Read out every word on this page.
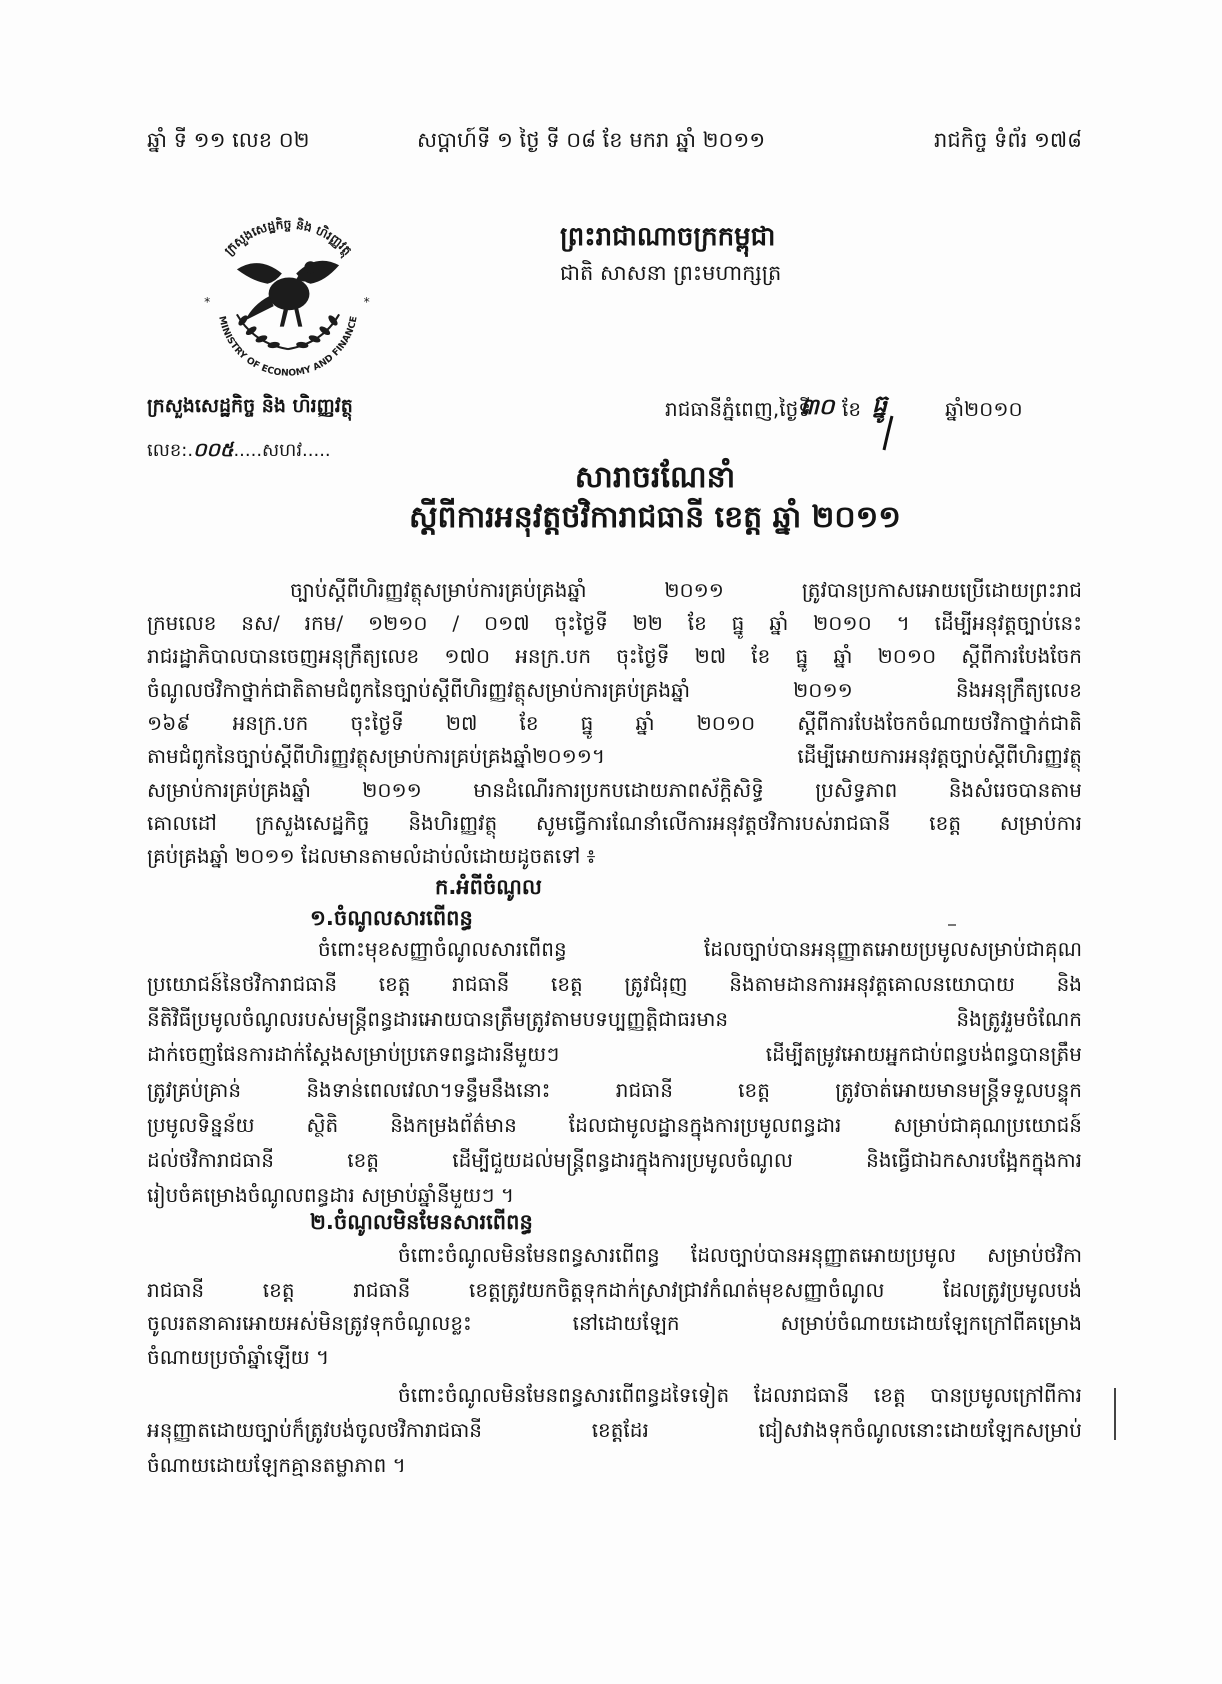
ឆ្នាំ ទី ១១ លេខ ០២	សប្តាហ៍ទី ១ ថ្ងៃ ទី ០៨ ខែ មករា ឆ្នាំ ២០១១	រាជកិច្ច ទំព័រ ១៧៨
ព្រះរាជាណាចក្រកម្ពុជា
ជាតិ សាសនា ព្រះមហាក្សត្រ
ក្រសួងសេដ្ឋកិច្ច និង ហិរញ្ញវត្ថុ
MINISTRY OF ECONOMY AND FINANCE
*	*
ក្រសួងសេដ្ឋកិច្ច និង ហិរញ្ញវត្ថុ
លេខ:.០០៥.....សហវ.....
រាជធានីភ្នំពេញ,ថ្ងៃទី
៣០ ខែ ធ្នូ	ឆ្នាំ២០១០
សារាចរណែនាំ
ស្តីពីការអនុវត្តថវិការាជធានី ខេត្ត ឆ្នាំ ២០១១
ច្បាប់ស្តីពីហិរញ្ញវត្ថុសម្រាប់ការគ្រប់គ្រងឆ្នាំ ២០១១ ត្រូវបានប្រកាសអោយប្រើដោយព្រះរាជ
ក្រមលេខ នស/ រកម/ ១២១០ / ០១៧ ចុះថ្ងៃទី ២២ ខែ ធ្នូ ឆ្នាំ ២០១០ ។ ដើម្បីអនុវត្តច្បាប់នេះ
រាជរដ្ឋាភិបាលបានចេញអនុក្រឹត្យលេខ ១៧០ អនក្រ.បក ចុះថ្ងៃទី ២៧ ខែ ធ្នូ ឆ្នាំ ២០១០ ស្តីពីការបែងចែក
ចំណូលថវិកាថ្នាក់ជាតិតាមជំពូកនៃច្បាប់ស្តីពីហិរញ្ញវត្ថុសម្រាប់ការគ្រប់គ្រងឆ្នាំ ២០១១ និងអនុក្រឹត្យលេខ
១៦៩ អនក្រ.បក ចុះថ្ងៃទី ២៧ ខែ ធ្នូ ឆ្នាំ ២០១០ ស្តីពីការបែងចែកចំណាយថវិកាថ្នាក់ជាតិ
តាមជំពូកនៃច្បាប់ស្តីពីហិរញ្ញវត្ថុសម្រាប់ការគ្រប់គ្រងឆ្នាំ២០១១។ ដើម្បីអោយការអនុវត្តច្បាប់ស្តីពីហិរញ្ញវត្ថុ
សម្រាប់ការគ្រប់គ្រងឆ្នាំ ២០១១ មានដំណើរការប្រកបដោយភាពស័ក្តិសិទ្ធិ ប្រសិទ្ធភាព និងសំរេចបានតាម
គោលដៅ ក្រសួងសេដ្ឋកិច្ច និងហិរញ្ញវត្ថុ សូមធ្វើការណែនាំលើការអនុវត្តថវិការបស់រាជធានី ខេត្ត សម្រាប់ការ
គ្រប់គ្រងឆ្នាំ ២០១១ ដែលមានតាមលំដាប់លំដោយដូចតទៅ ៖
ក.អំពីចំណូល
១.ចំណូលសារពើពន្ធ
ចំពោះមុខសញ្ញាចំណូលសារពើពន្ធ ដែលច្បាប់បានអនុញ្ញាតអោយប្រមូលសម្រាប់ជាគុណ
ប្រយោជន៍នៃថវិការាជធានី ខេត្ត រាជធានី ខេត្ត ត្រូវជំរុញ និងតាមដានការអនុវត្តគោលនយោបាយ និង
នីតិវិធីប្រមូលចំណូលរបស់មន្ត្រីពន្ធដារអោយបានត្រឹមត្រូវតាមបទប្បញ្ញត្តិជាធរមាន និងត្រូវរួមចំណែក
ដាក់ចេញផែនការដាក់ស្តែងសម្រាប់ប្រភេទពន្ធដារនីមួយៗ ដើម្បីតម្រូវអោយអ្នកជាប់ពន្ធបង់ពន្ធបានត្រឹម
ត្រូវគ្រប់គ្រាន់ និងទាន់ពេលវេលា។ទន្ទឹមនឹងនោះ រាជធានី ខេត្ត ត្រូវចាត់អោយមានមន្ត្រីទទួលបន្ទុក
ប្រមូលទិន្នន័យ ស្ថិតិ និងកម្រងព័ត៌មាន ដែលជាមូលដ្ឋានក្នុងការប្រមូលពន្ធដារ សម្រាប់ជាគុណប្រយោជន៍
ដល់ថវិការាជធានី ខេត្ត ដើម្បីជួយដល់មន្ត្រីពន្ធដារក្នុងការប្រមូលចំណូល និងធ្វើជាឯកសារបង្អែកក្នុងការ
រៀបចំគម្រោងចំណូលពន្ធដារ សម្រាប់ឆ្នាំនីមួយៗ ។
២.ចំណូលមិនមែនសារពើពន្ធ
ចំពោះចំណូលមិនមែនពន្ធសារពើពន្ធ ដែលច្បាប់បានអនុញ្ញាតអោយប្រមូល សម្រាប់ថវិកា
រាជធានី ខេត្ត រាជធានី ខេត្តត្រូវយកចិត្តទុកដាក់ស្រាវជ្រាវកំណត់មុខសញ្ញាចំណូល ដែលត្រូវប្រមូលបង់
ចូលរតនាគារអោយអស់មិនត្រូវទុកចំណូលខ្លះ នៅដោយឡែក សម្រាប់ចំណាយដោយឡែកក្រៅពីគម្រោង
ចំណាយប្រចាំឆ្នាំឡើយ ។
ចំពោះចំណូលមិនមែនពន្ធសារពើពន្ធដទៃទៀត ដែលរាជធានី ខេត្ត បានប្រមូលក្រៅពីការ
អនុញ្ញាតដោយច្បាប់ក៏ត្រូវបង់ចូលថវិការាជធានី ខេត្តដែរ ជៀសវាងទុកចំណូលនោះដោយឡែកសម្រាប់
ចំណាយដោយឡែកគ្មានតម្លាភាព ។
